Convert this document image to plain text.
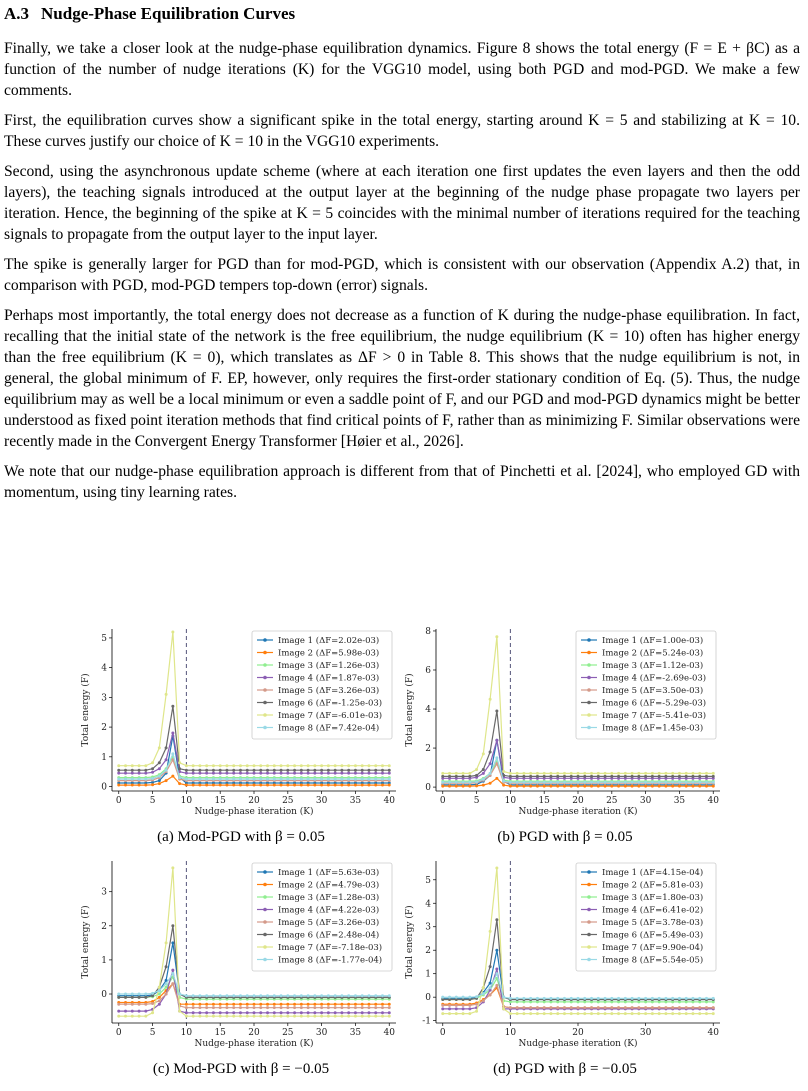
A.3 Nudge-Phase Equilibration Curves

Finally, we take a closer look at the nudge-phase equilibration dynamics. Figure 8 shows the total energy (F = E + βC) as a function of the number of nudge iterations (K) for the VGG10 model, using both PGD and mod-PGD. We make a few comments.

First, the equilibration curves show a significant spike in the total energy, starting around K = 5 and stabilizing at K = 10. These curves justify our choice of K = 10 in the VGG10 experiments.

Second, using the asynchronous update scheme (where at each iteration one first updates the even layers and then the odd layers), the teaching signals introduced at the output layer at the beginning of the nudge phase propagate two layers per iteration. Hence, the beginning of the spike at K = 5 coincides with the minimal number of iterations required for the teaching signals to propagate from the output layer to the input layer.

The spike is generally larger for PGD than for mod-PGD, which is consistent with our observation (Appendix A.2) that, in comparison with PGD, mod-PGD tempers top-down (error) signals.

Perhaps most importantly, the total energy does not decrease as a function of K during the nudge-phase equilibration. In fact, recalling that the initial state of the network is the free equilibrium, the nudge equilibrium (K = 10) often has higher energy than the free equilibrium (K = 0), which translates as ΔF > 0 in Table 8. This shows that the nudge equilibrium is not, in general, the global minimum of F. EP, however, only requires the first-order stationary condition of Eq. (5). Thus, the nudge equilibrium may as well be a local minimum or even a saddle point of F, and our PGD and mod-PGD dynamics might be better understood as fixed point iteration methods that find critical points of F, rather than as minimizing F. Similar observations were recently made in the Convergent Energy Transformer [Høier et al., 2026].

We note that our nudge-phase equilibration approach is different from that of Pinchetti et al. [2024], who employed GD with momentum, using tiny learning rates.

0	5	10 15 20 25 30 35 40
0
1
2
3
4
5
Nudge-phase iteration (K)
Total energy (F)
Image 1 (ΔF=2.02e-03)
Image 2 (ΔF=5.98e-03)
Image 3 (ΔF=1.26e-03)
Image 4 (ΔF=1.87e-03)
Image 5 (ΔF=3.26e-03)
Image 6 (ΔF=-1.25e-03)
Image 7 (ΔF=-6.01e-03)
Image 8 (ΔF=7.42e-04)
(a) Mod-PGD with β = 0.05
0	5	10 15 20 25 30 35 40
0
2
4
6
8
Nudge-phase iteration (K)
Total energy (F)
Image 1 (ΔF=1.00e-03)
Image 2 (ΔF=5.24e-03)
Image 3 (ΔF=1.12e-03)
Image 4 (ΔF=-2.69e-03)
Image 5 (ΔF=3.50e-03)
Image 6 (ΔF=-5.29e-03)
Image 7 (ΔF=-5.41e-03)
Image 8 (ΔF=1.45e-03)
(b) PGD with β = 0.05
0	5	10 15 20 25 30 35 40
0
1
2
3
Nudge-phase iteration (K)
Total energy (F)
Image 1 (ΔF=5.63e-03)
Image 2 (ΔF=4.79e-03)
Image 3 (ΔF=1.28e-03)
Image 4 (ΔF=4.22e-03)
Image 5 (ΔF=3.26e-03)
Image 6 (ΔF=2.48e-04)
Image 7 (ΔF=-7.18e-03)
Image 8 (ΔF=-1.77e-04)
(c) Mod-PGD with β = −0.05
0	10	20	30	40
-1
0
1
2
3
4
5
Nudge-phase iteration (K)
Total energy (F)
Image 1 (ΔF=4.15e-04)
Image 2 (ΔF=5.81e-03)
Image 3 (ΔF=1.80e-03)
Image 4 (ΔF=6.41e-02)
Image 5 (ΔF=3.78e-03)
Image 6 (ΔF=5.49e-03)
Image 7 (ΔF=9.90e-04)
Image 8 (ΔF=5.54e-05)
(d) PGD with β = −0.05
